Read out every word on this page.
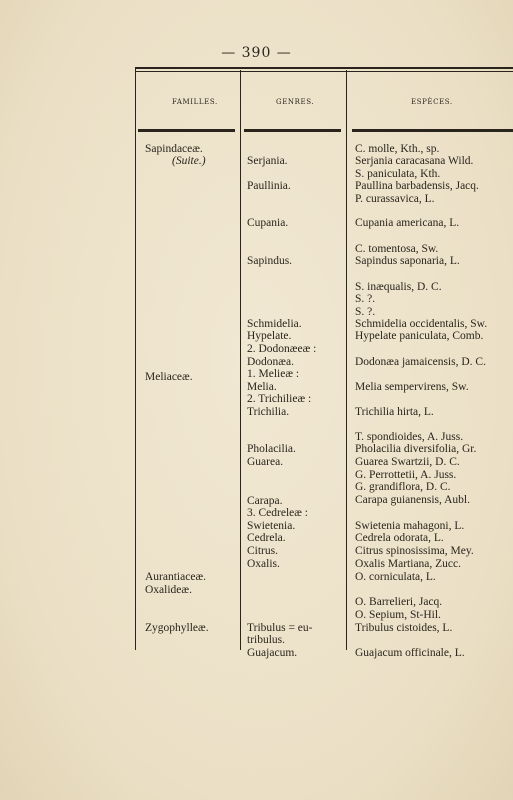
— 390 —
FAMILLES.	GENRES.	ESPÈCES.
Sapindaceæ.
(Suite.)
Meliaceæ.
Aurantiaceæ.
Oxalideæ.
Zygophylleæ.
Serjania.
Paullinia.
Cupania.
Sapindus.
Schmidelia.
Hypelate.
2. Dodonæeæ :
Dodonæa.
1. Melieæ :
Melia.
2. Trichilieæ :
Trichilia.
Pholacilia.
Guarea.
Carapa.
3. Cedreleæ :
Swietenia.
Cedrela.
Citrus.
Oxalis.
Tribulus = eu-
tribulus.
Guajacum.
C. molle, Kth., sp.
Serjania caracasana Wild.
S. paniculata, Kth.
Paullina barbadensis, Jacq.
P. curassavica, L.
Cupania americana, L.
C. tomentosa, Sw.
Sapindus saponaria, L.
S. inæqualis, D. C.
S. ?.
S. ?.
Schmidelia occidentalis, Sw.
Hypelate paniculata, Comb.
Dodonæa jamaicensis, D. C.
Melia sempervirens, Sw.
Trichilia hirta, L.
T. spondioides, A. Juss.
Pholacilia diversifolia, Gr.
Guarea Swartzii, D. C.
G. Perrottetii, A. Juss.
G. grandiflora, D. C.
Carapa guianensis, Aubl.
Swietenia mahagoni, L.
Cedrela odorata, L.
Citrus spinosissima, Mey.
Oxalis Martiana, Zucc.
O. corniculata, L.
O. Barrelieri, Jacq.
O. Sepium, St-Hil.
Tribulus cistoides, L.
Guajacum officinale, L.
